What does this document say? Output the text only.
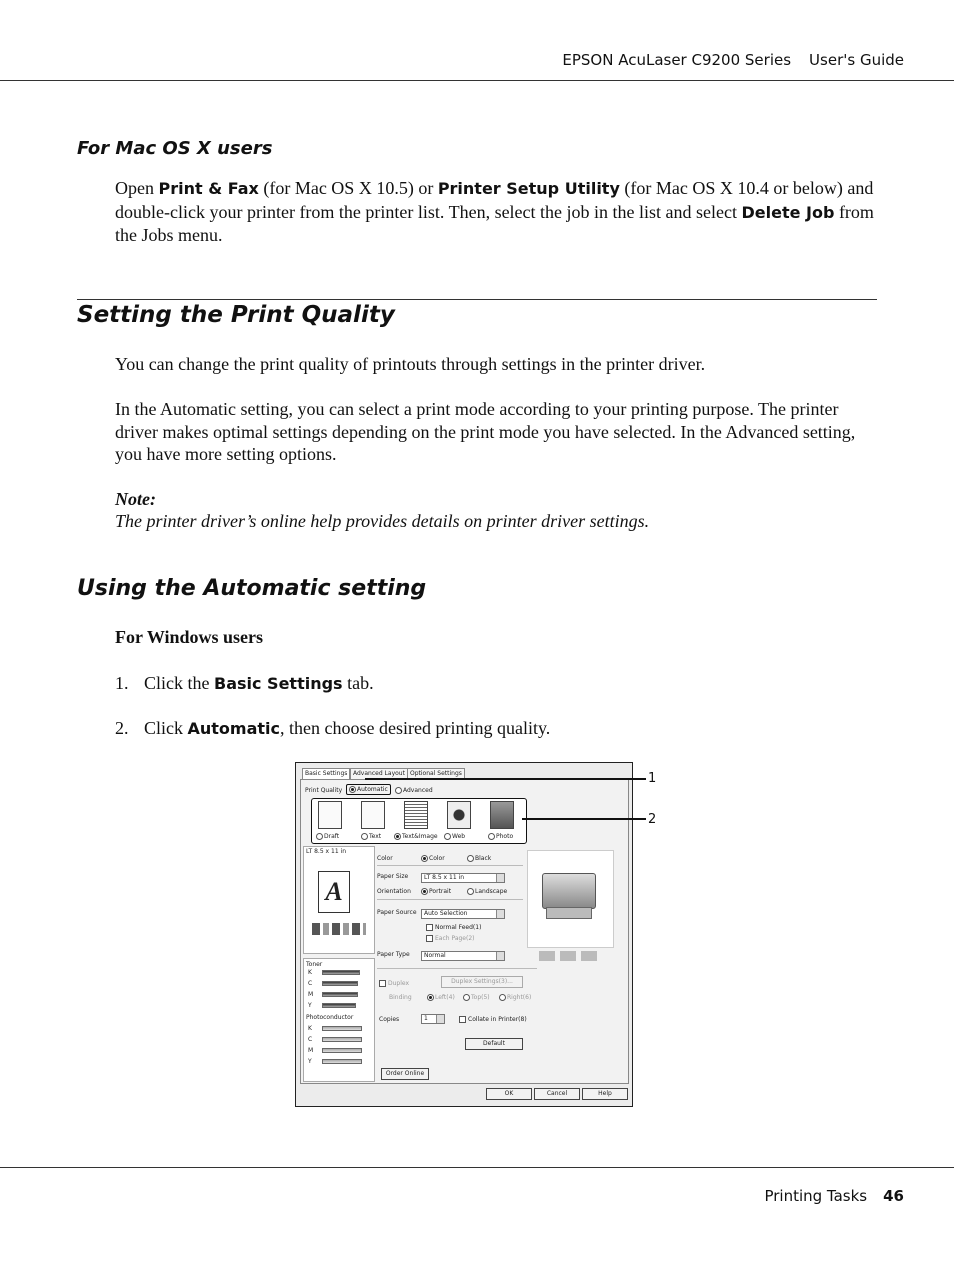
EPSON AcuLaser C9200 Series User's Guide
For Mac OS X users
Open Print & Fax (for Mac OS X 10.5) or Printer Setup Utility (for Mac OS X 10.4 or below) and double-click your printer from the printer list. Then, select the job in the list and select Delete Job from the Jobs menu.
Setting the Print Quality
You can change the print quality of printouts through settings in the printer driver.
In the Automatic setting, you can select a print mode according to your printing purpose. The printer driver makes optimal settings depending on the print mode you have selected. In the Advanced setting, you have more setting options.
Note:
The printer driver’s online help provides details on printer driver settings.
Using the Automatic setting
For Windows users
1. Click the Basic Settings tab.
2. Click Automatic, then choose desired printing quality.
Basic Settings Advanced Layout Optional Settings
Print Quality	Automatic	Advanced
Draft	Text	Text&Image	Web	Photo
LT 8.5 x 11 in
A
Color	Color	Black
Paper Size	LT 8.5 x 11 in
Orientation	Portrait	Landscape
Paper Source	Auto Selection
Normal Feed(1)
Each Page(2)
Paper Type	Normal
Duplex	Duplex Settings(3)...
Binding	Left(4)	Top(5)	Right(6)
Copies	1	Collate in Printer(8)
Default
Toner
K
C
M
Y
Photoconductor
K
C
M
Y
Order Online
OK	Cancel	Help
1
2
Printing Tasks 46
